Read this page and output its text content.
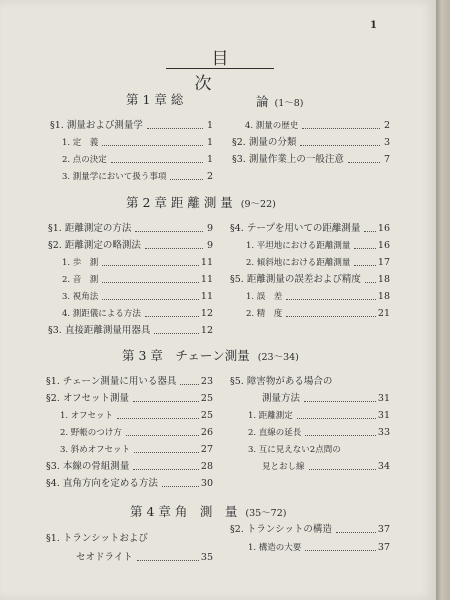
1
目　次
第 1 章 総	論 (1〜8)
§1. 測量および測量学	1
1. 定　義	1
2. 点の決定	1
3. 測量学において扱う事項	2
4. 測量の歴史	2
§2. 測量の分類	3
§3. 測量作業上の一般注意	7
第 2 章 距 離 測 量 (9〜22)
§1. 距離測定の方法	9
§2. 距離測定の略測法	9
1. 歩　測	11
2. 音　測	11
3. 視角法	11
4. 測距儀による方法	12
§3. 直接距離測量用器具	12
§4. テープを用いての距離測量 16
1. 平坦地における距離測量	16
2. 傾斜地における距離測量	17
§5. 距離測量の誤差および精度 18
1. 誤　差	18
2. 精　度	21
第 3 章　チェーン測量 (23〜34)
§1. チェーン測量に用いる器具	23
§2. オフセット測量	25
1. オフセット	25
2. 野帳のつけ方	26
3. 斜めオフセット	27
§3. 本線の骨組測量	28
§4. 直角方向を定める方法	30
§5. 障害物がある場合の
測量方法	31
1. 距離測定	31
2. 直線の延長	33
3. 互に見えない2点間の
見とおし線	34
第 4 章 角　測　量 (35〜72)
§1. トランシットおよび
セオドライト	35
§2. トランシットの構造	37
1. 構造の大要	37
